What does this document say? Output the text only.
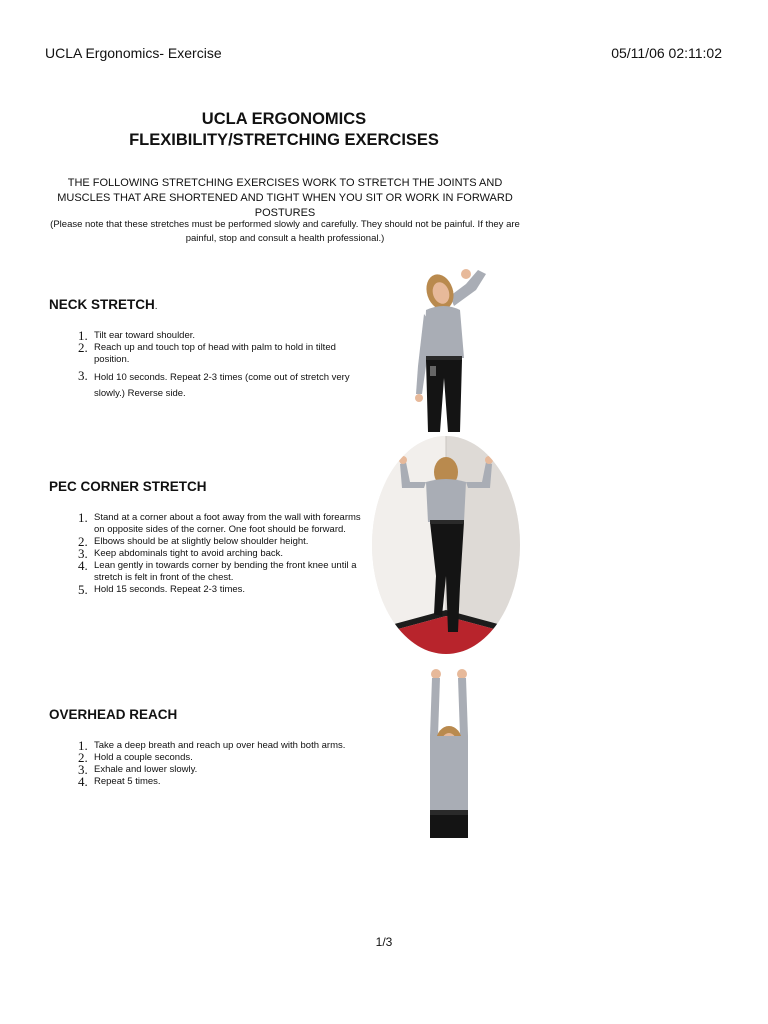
UCLA Ergonomics- Exercise	05/11/06 02:11:02
UCLA ERGONOMICS
FLEXIBILITY/STRETCHING EXERCISES
THE FOLLOWING STRETCHING EXERCISES WORK TO STRETCH THE JOINTS AND MUSCLES THAT ARE SHORTENED AND TIGHT WHEN YOU SIT OR WORK IN FORWARD POSTURES
(Please note that these stretches must be performed slowly and carefully. They should not be painful. If they are painful, stop and consult a health professional.)
NECK STRETCH.
1. Tilt ear toward shoulder.
2. Reach up and touch top of head with palm to hold in tilted position.
3. Hold 10 seconds. Repeat 2-3 times (come out of stretch very slowly.) Reverse side.
PEC CORNER STRETCH
1. Stand at a corner about a foot away from the wall with forearms on opposite sides of the corner. One foot should be forward.
2. Elbows should be at slightly below shoulder height.
3. Keep abdominals tight to avoid arching back.
4. Lean gently in towards corner by bending the front knee until a stretch is felt in front of the chest.
5. Hold 15 seconds. Repeat 2-3 times.
OVERHEAD REACH
1. Take a deep breath and reach up over head with both arms.
2. Hold a couple seconds.
3. Exhale and lower slowly.
4. Repeat 5 times.
1/3
